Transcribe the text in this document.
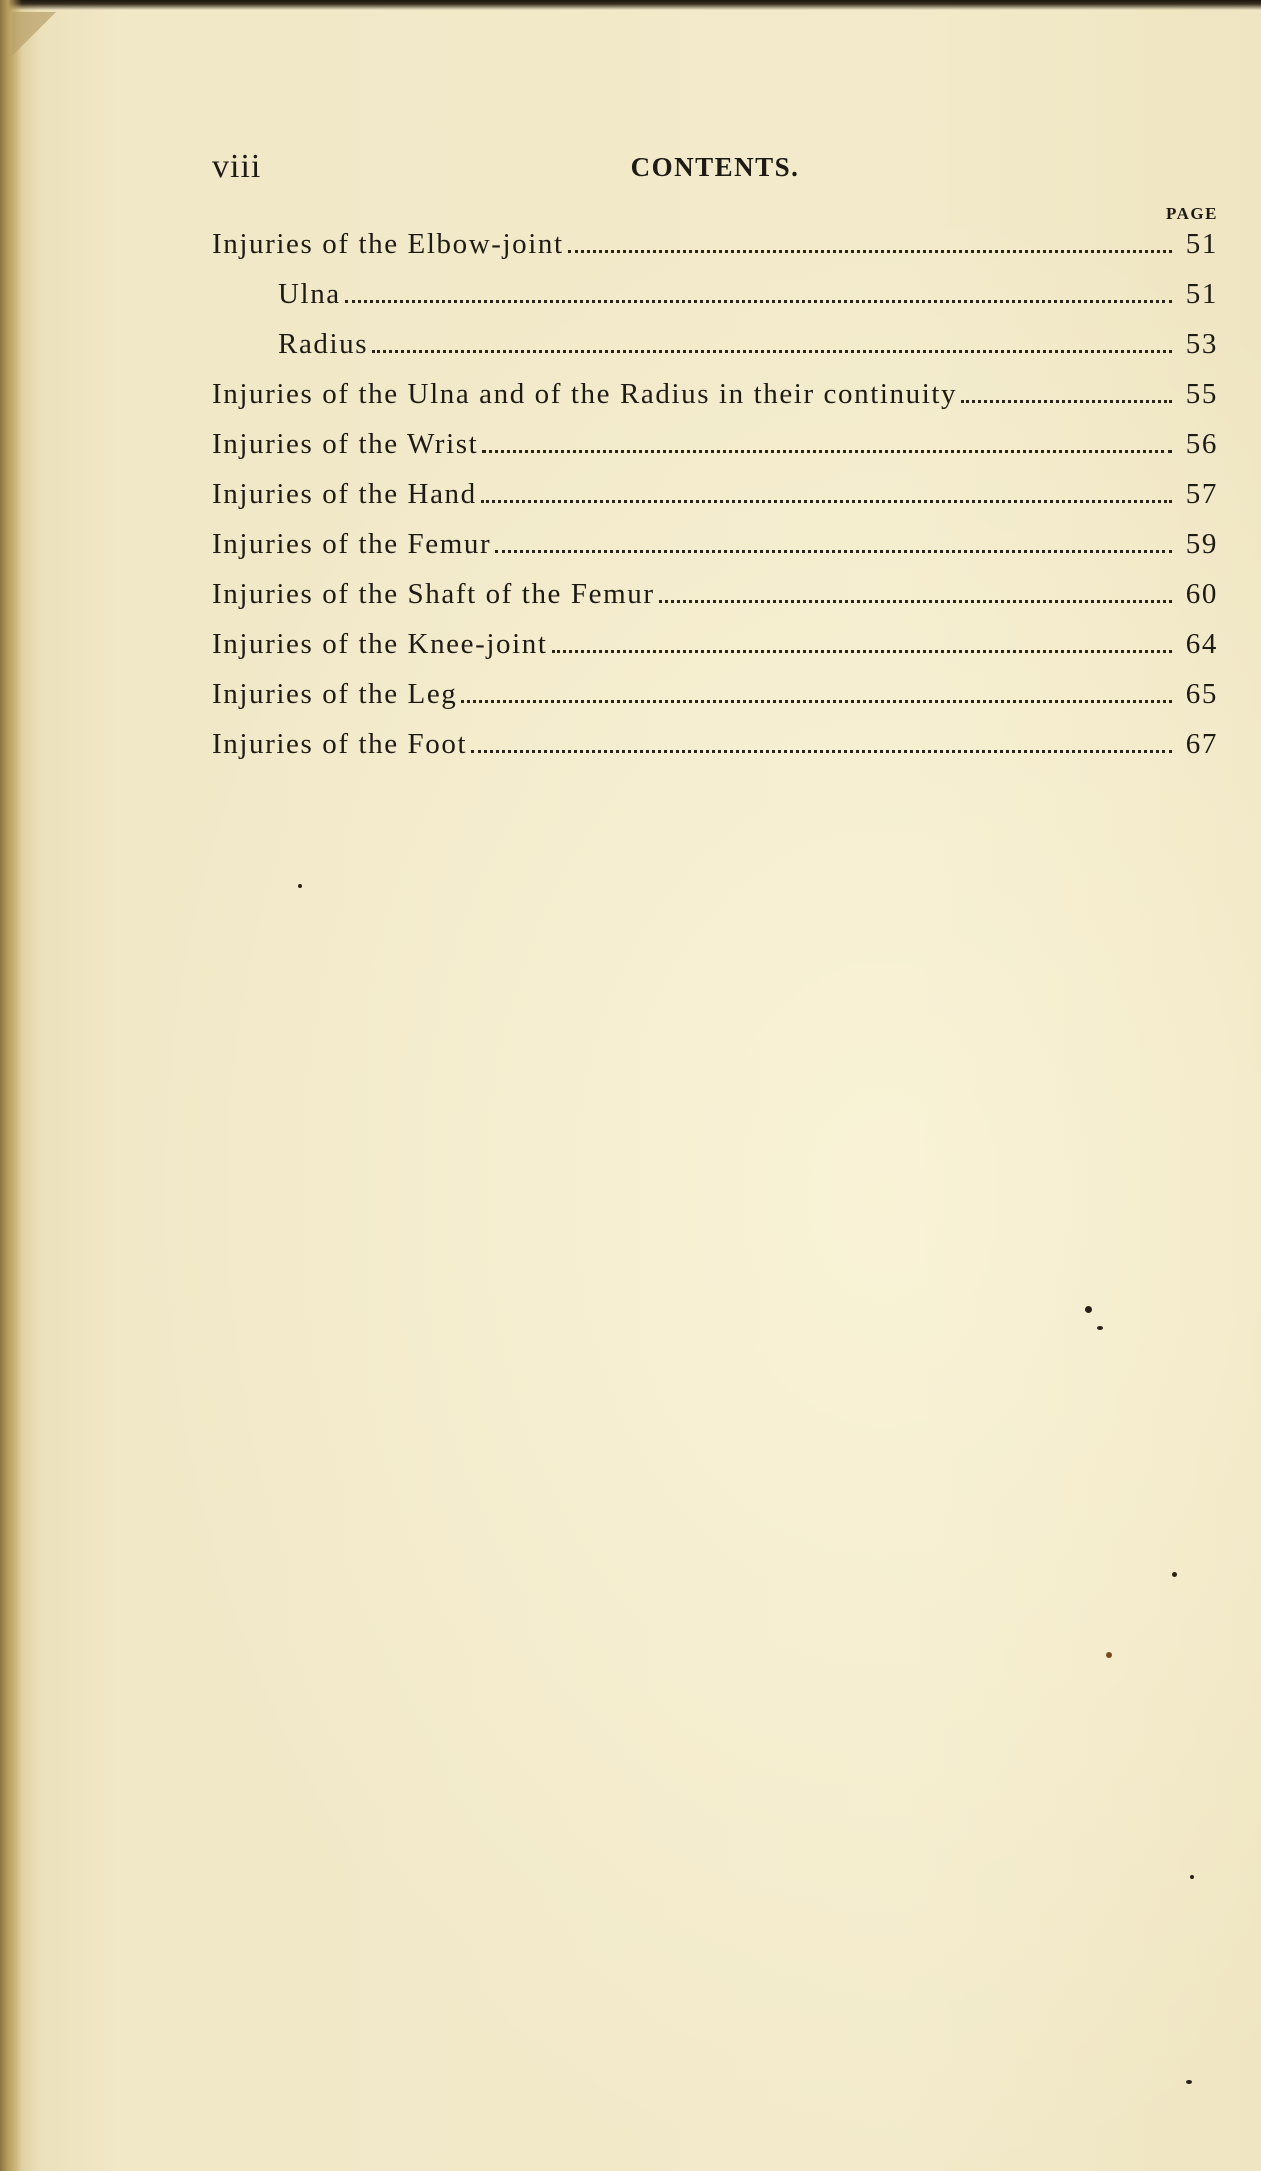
viii	CONTENTS.
PAGE
Injuries of the Elbow-joint	51
Ulna	51
Radius	53
Injuries of the Ulna and of the Radius in their continuity	55
Injuries of the Wrist	56
Injuries of the Hand	57
Injuries of the Femur	59
Injuries of the Shaft of the Femur	60
Injuries of the Knee-joint	64
Injuries of the Leg	65
Injuries of the Foot	67
